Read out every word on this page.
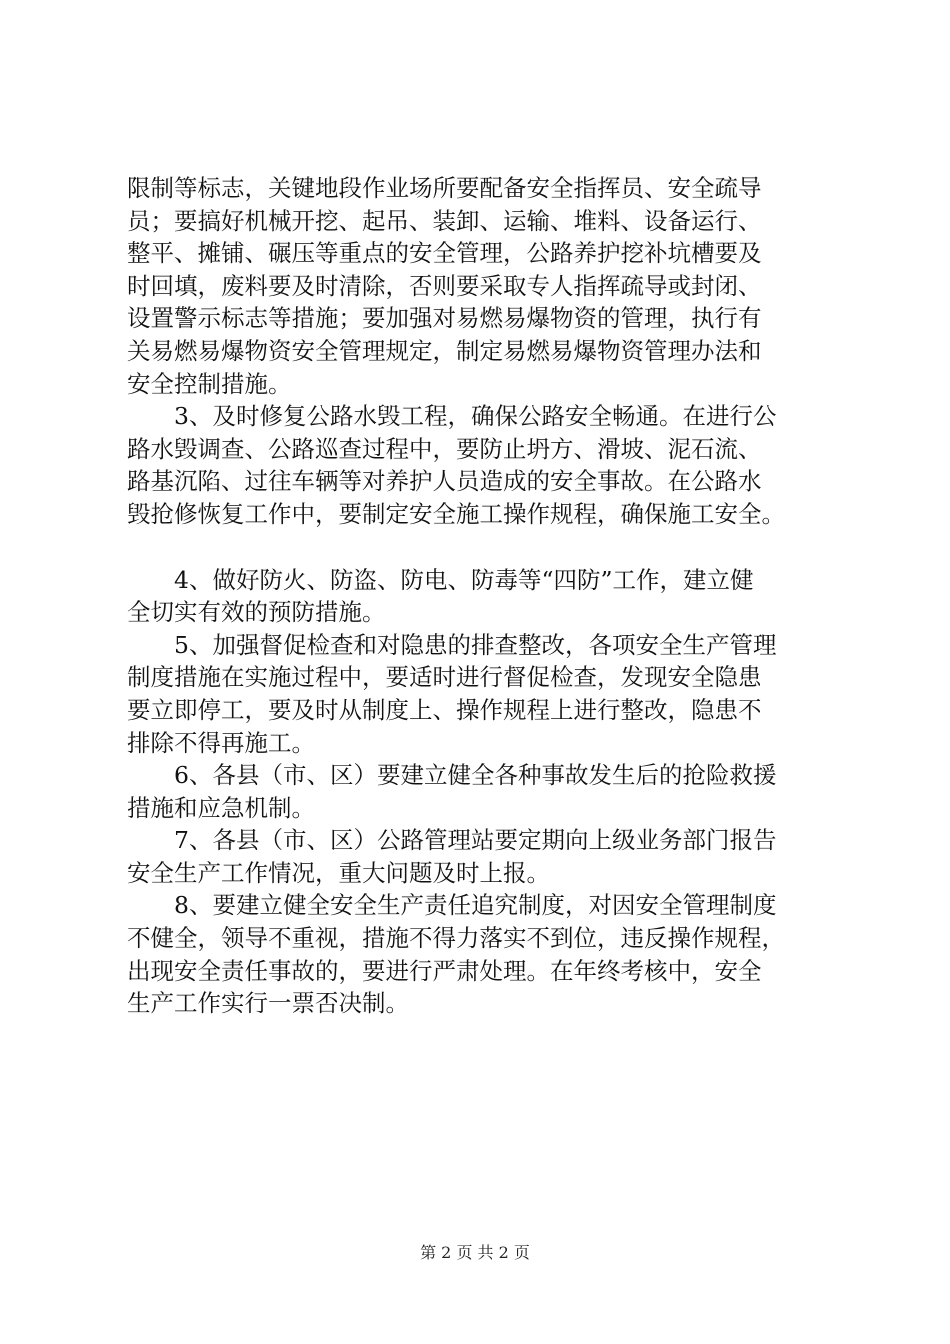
限制等标志，关键地段作业场所要配备安全指挥员、安全疏导
员；要搞好机械开挖、起吊、装卸、运输、堆料、设备运行、
整平、摊铺、碾压等重点的安全管理，公路养护挖补坑槽要及
时回填，废料要及时清除，否则要采取专人指挥疏导或封闭、
设置警示标志等措施；要加强对易燃易爆物资的管理，执行有
关易燃易爆物资安全管理规定，制定易燃易爆物资管理办法和
安全控制措施。

　　3、及时修复公路水毁工程，确保公路安全畅通。在进行公
路水毁调查、公路巡查过程中，要防止坍方、滑坡、泥石流、
路基沉陷、过往车辆等对养护人员造成的安全事故。在公路水
毁抢修恢复工作中，要制定安全施工操作规程，确保施工安全。

　　4、做好防火、防盗、防电、防毒等“四防”工作，建立健
全切实有效的预防措施。

　　5、加强督促检查和对隐患的排查整改，各项安全生产管理
制度措施在实施过程中，要适时进行督促检查，发现安全隐患
要立即停工，要及时从制度上、操作规程上进行整改，隐患不
排除不得再施工。

　　6、各县（市、区）要建立健全各种事故发生后的抢险救援
措施和应急机制。

　　7、各县（市、区）公路管理站要定期向上级业务部门报告
安全生产工作情况，重大问题及时上报。

　　8、要建立健全安全生产责任追究制度，对因安全管理制度
不健全，领导不重视，措施不得力落实不到位，违反操作规程，
出现安全责任事故的，要进行严肃处理。在年终考核中，安全
生产工作实行一票否决制。

第 2 页 共 2 页
